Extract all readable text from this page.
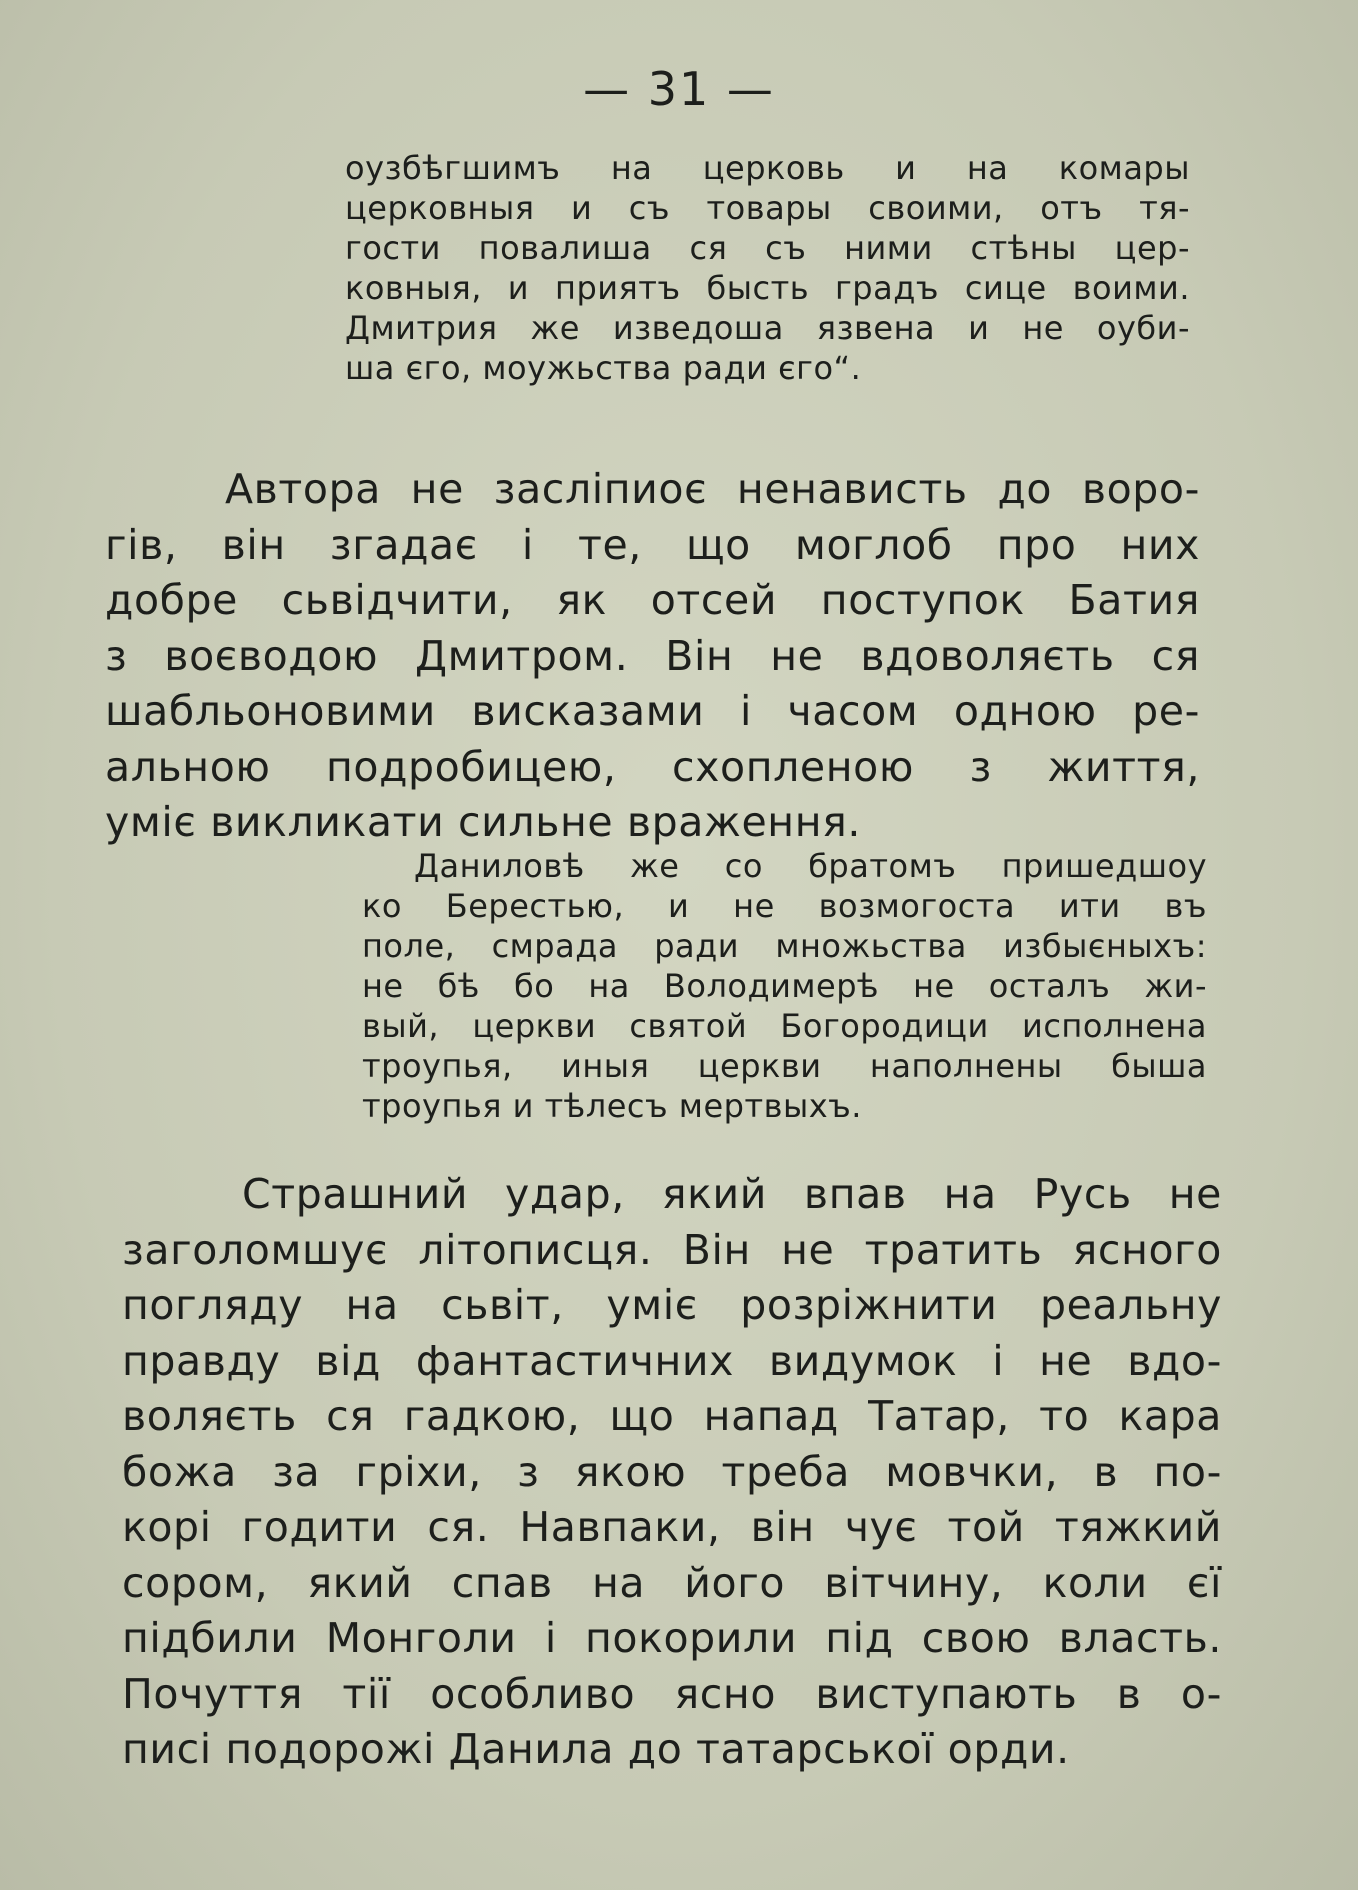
— 31 —
оузбѣгшимъ на церковь и на комары
церковныя и съ товары своими, отъ тя-
гости повалиша ся съ ними стѣны цер-
ковныя, и приятъ бысть градъ сице воими.
Дмитрия же изведоша язвена и не оуби-
ша єго, моужьства ради єго“.
Автора не засліпиоє ненависть до воро-
гів, він згадає і те, що моглоб про них
добре сьвідчити, як отсей поступок Батия
з воєводою Дмитром. Він не вдоволяєть ся
шабльоновими висказами і часом одною ре-
альною подробицею, схопленою з життя,
уміє викликати сильне враження.
Даниловѣ же со братомъ пришедшоу
ко Берестью, и не возмогоста ити въ
поле, смрада ради множьства избыєныхъ:
не бѣ бо на Володимерѣ не осталъ жи-
вый, церкви святой Богородици исполнена
троупья, иныя церкви наполнены быша
троупья и тѣлесъ мертвыхъ.
Страшний удар, який впав на Русь не
заголомшує літописця. Він не тратить ясного
погляду на сьвіт, уміє розріжнити реальну
правду від фантастичних видумок і не вдо-
воляєть ся гадкою, що напад Татар, то кара
божа за гріхи, з якою треба мовчки, в по-
корі годити ся. Навпаки, він чує той тяжкий
сором, який спав на його вітчину, коли єї
підбили Монголи і покорили під свою власть.
Почуття тії особливо ясно виступають в о-
писі подорожі Данила до татарської орди.
